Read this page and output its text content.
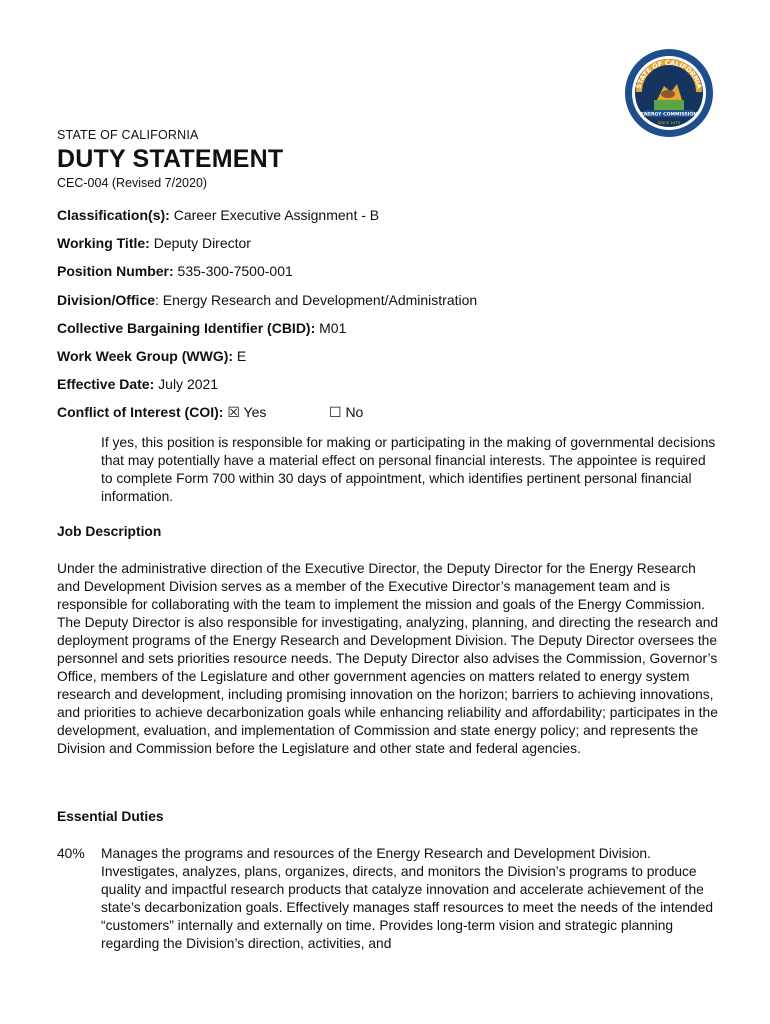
STATE OF CALIFORNIA
ENERGY COMMISSION
SINCE 1975
STATE OF CALIFORNIA
DUTY STATEMENT
CEC-004 (Revised 7/2020)
Classification(s): Career Executive Assignment - B
Working Title: Deputy Director
Position Number: 535-300-7500-001
Division/Office: Energy Research and Development/Administration
Collective Bargaining Identifier (CBID): M01
Work Week Group (WWG): E
Effective Date: July 2021
Conflict of Interest (COI): ☒ Yes	☐ No
If yes, this position is responsible for making or participating in the making of governmental decisions that may potentially have a material effect on personal financial interests. The appointee is required to complete Form 700 within 30 days of appointment, which identifies pertinent personal financial information.
Job Description
Under the administrative direction of the Executive Director, the Deputy Director for the Energy Research and Development Division serves as a member of the Executive Director’s management team and is responsible for collaborating with the team to implement the mission and goals of the Energy Commission. The Deputy Director is also responsible for investigating, analyzing, planning, and directing the research and deployment programs of the Energy Research and Development Division. The Deputy Director oversees the personnel and sets priorities resource needs. The Deputy Director also advises the Commission, Governor’s Office, members of the Legislature and other government agencies on matters related to energy system research and development, including promising innovation on the horizon; barriers to achieving innovations, and priorities to achieve decarbonization goals while enhancing reliability and affordability; participates in the development, evaluation, and implementation of Commission and state energy policy; and represents the Division and Commission before the Legislature and other state and federal agencies.
Essential Duties
40% Manages the programs and resources of the Energy Research and Development Division. Investigates, analyzes, plans, organizes, directs, and monitors the Division’s programs to produce quality and impactful research products that catalyze innovation and accelerate achievement of the state’s decarbonization goals. Effectively manages staff resources to meet the needs of the intended “customers” internally and externally on time. Provides long-term vision and strategic planning regarding the Division’s direction, activities, and
